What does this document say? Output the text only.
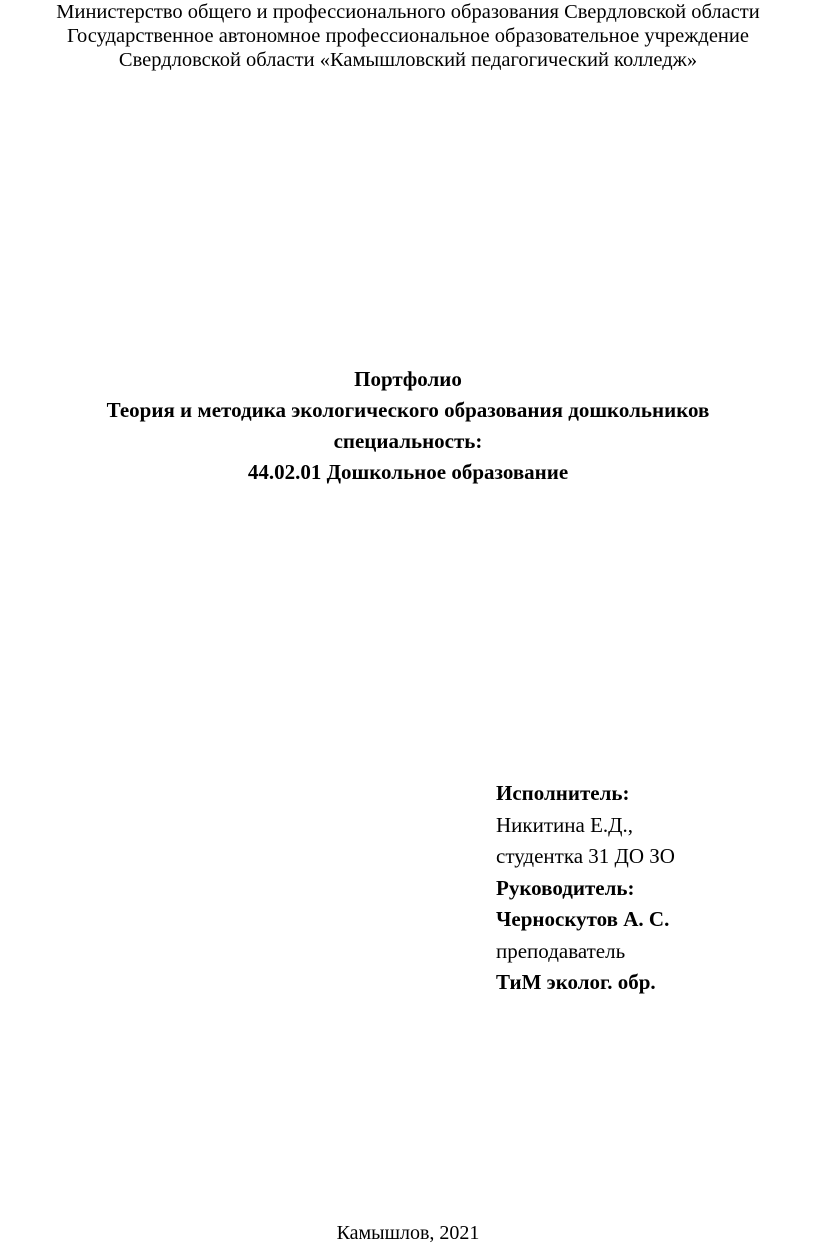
Министерство общего и профессионального образования Свердловской области
Государственное автономное профессиональное образовательное учреждение
Свердловской области «Камышловский педагогический колледж»
Портфолио
Теория и методика экологического образования дошкольников
специальность:
44.02.01 Дошкольное образование
Исполнитель:
Никитина Е.Д.,
студентка 31 ДО ЗО
Руководитель:
Черноскутов А. С.
преподаватель
ТиМ эколог. обр.
Камышлов, 2021
